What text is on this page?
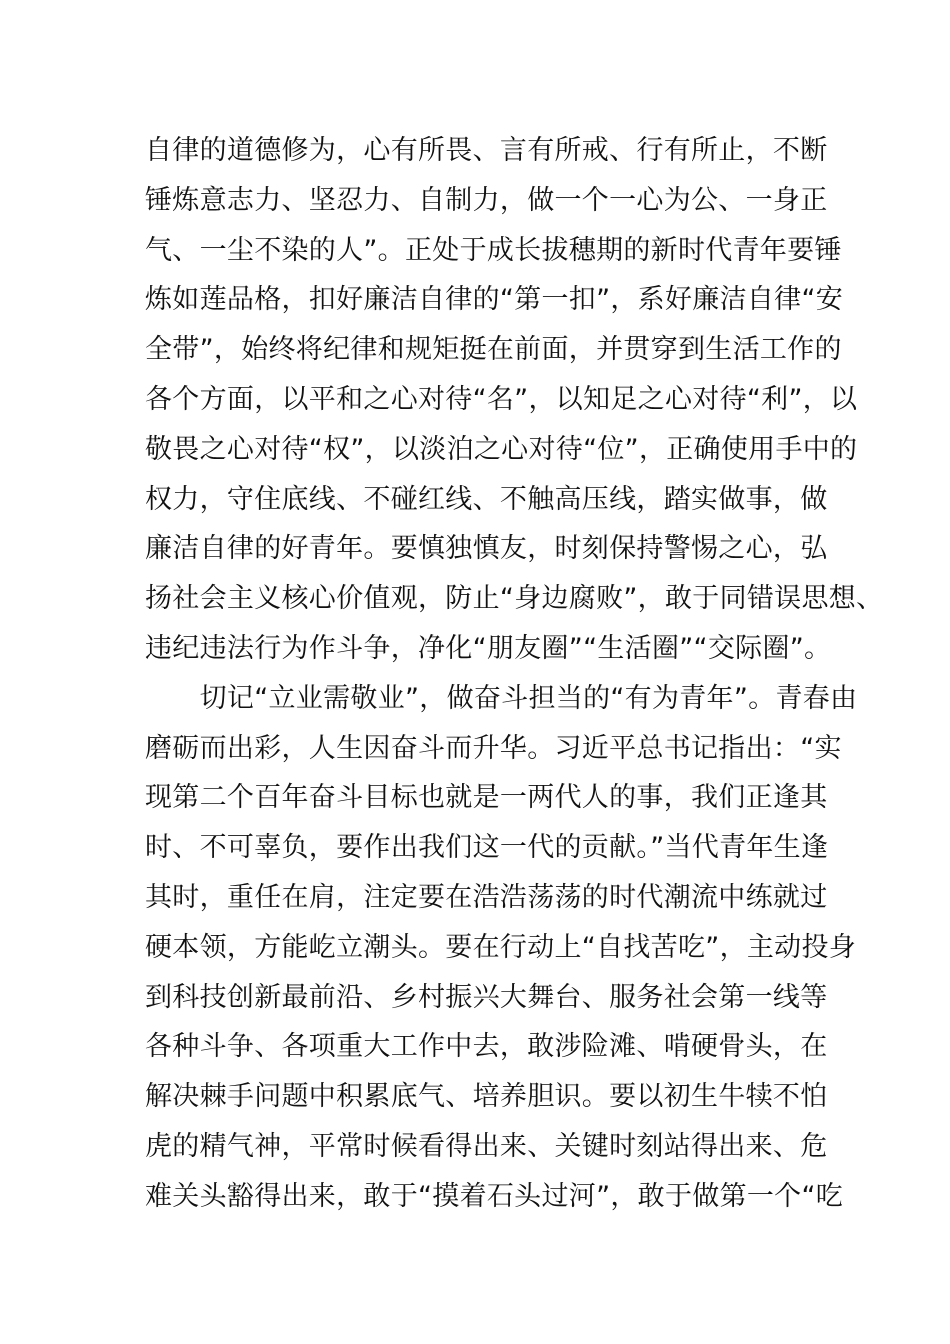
自律的道德修为，心有所畏、言有所戒、行有所止，不断
锤炼意志力、坚忍力、自制力，做一个一心为公、一身正
气、一尘不染的人”。正处于成长拔穗期的新时代青年要锤
炼如莲品格，扣好廉洁自律的“第一扣”，系好廉洁自律“安
全带”，始终将纪律和规矩挺在前面，并贯穿到生活工作的
各个方面，以平和之心对待“名”，以知足之心对待“利”，以
敬畏之心对待“权”，以淡泊之心对待“位”，正确使用手中的
权力，守住底线、不碰红线、不触高压线，踏实做事，做
廉洁自律的好青年。要慎独慎友，时刻保持警惕之心，弘
扬社会主义核心价值观，防止“身边腐败”，敢于同错误思想、
违纪违法行为作斗争，净化“朋友圈”“生活圈”“交际圈”。
　　切记“立业需敬业”，做奋斗担当的“有为青年”。青春由
磨砺而出彩，人生因奋斗而升华。习近平总书记指出：“实
现第二个百年奋斗目标也就是一两代人的事，我们正逢其
时、不可辜负，要作出我们这一代的贡献。”当代青年生逢
其时，重任在肩，注定要在浩浩荡荡的时代潮流中练就过
硬本领，方能屹立潮头。要在行动上“自找苦吃”，主动投身
到科技创新最前沿、乡村振兴大舞台、服务社会第一线等
各种斗争、各项重大工作中去，敢涉险滩、啃硬骨头，在
解决棘手问题中积累底气、培养胆识。要以初生牛犊不怕
虎的精气神，平常时候看得出来、关键时刻站得出来、危
难关头豁得出来，敢于“摸着石头过河”，敢于做第一个“吃
